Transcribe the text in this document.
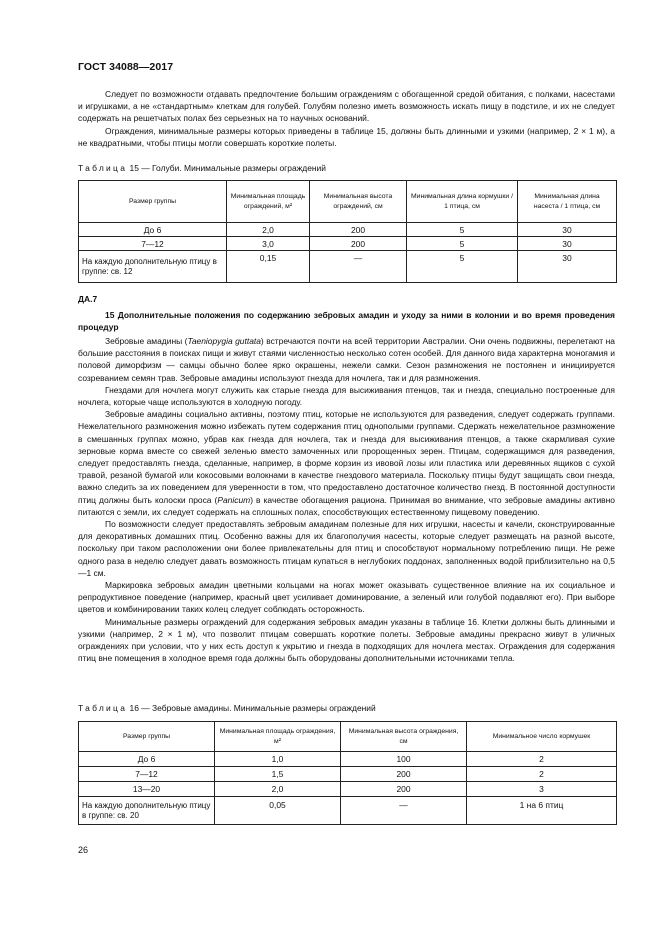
ГОСТ 34088—2017
Следует по возможности отдавать предпочтение большим ограждениям с обогащенной средой обитания, с полками, насестами и игрушками, а не «стандартным» клеткам для голубей. Голубям полезно иметь возможность искать пищу в подстиле, и их не следует содержать на решетчатых полах без серьезных на то научных оснований.
Ограждения, минимальные размеры которых приведены в таблице 15, должны быть длинными и узкими (например, 2 × 1 м), а не квадратными, чтобы птицы могли совершать короткие полеты.
Таблица 15 — Голуби. Минимальные размеры ограждений
Размер группы	Минимальная площадь ограждений, м²	Минимальная высота ограждений, см	Минимальная длина кормушки / 1 птица, см	Минимальная длина насеста / 1 птица, см
До 6	2,0	200	5	30
7—12	3,0	200	5	30
На каждую дополнительную птицу в группе: св. 12	0,15	—	5	30
ДА.7
15 Дополнительные положения по содержанию зебровых амадин и уходу за ними в колонии и во время проведения процедур
Зебровые амадины (Taeniopygia guttata) встречаются почти на всей территории Австралии. Они очень подвижны, перелетают на большие расстояния в поисках пищи и живут стаями численностью несколько сотен особей. Для данного вида характерна моногамия и половой диморфизм — самцы обычно более ярко окрашены, нежели самки. Сезон размножения не постоянен и инициируется созреванием семян трав. Зебровые амадины используют гнезда для ночлега, так и для размножения.
Гнездами для ночлега могут служить как старые гнезда для высиживания птенцов, так и гнезда, специально построенные для ночлега, которые чаще используются в холодную погоду.
Зебровые амадины социально активны, поэтому птиц, которые не используются для разведения, следует содержать группами. Нежелательного размножения можно избежать путем содержания птиц однополыми группами. Сдержать нежелательное размножение в смешанных группах можно, убрав как гнезда для ночлега, так и гнезда для высиживания птенцов, а также скармливая сухие зерновые корма вместе со свежей зеленью вместо замоченных или пророщенных зерен. Птицам, содержащимся для разведения, следует предоставлять гнезда, сделанные, например, в форме корзин из ивовой лозы или пластика или деревянных ящиков с сухой травой, резаной бумагой или кокосовыми волокнами в качестве гнездового материала. Поскольку птицы будут защищать свои гнезда, важно следить за их поведением для уверенности в том, что предоставлено достаточное количество гнезд. В постоянной доступности птиц должны быть колоски проса (Panicum) в качестве обогащения рациона. Принимая во внимание, что зебровые амадины активно питаются с земли, их следует содержать на сплошных полах, способствующих естественному пищевому поведению.
По возможности следует предоставлять зебровым амадинам полезные для них игрушки, насесты и качели, сконструированные для декоративных домашних птиц. Особенно важны для их благополучия насесты, которые следует размещать на разной высоте, поскольку при таком расположении они более привлекательны для птиц и способствуют нормальному потреблению пищи. Не реже одного раза в неделю следует давать возможность птицам купаться в неглубоких поддонах, заполненных водой приблизительно на 0,5—1 см.
Маркировка зебровых амадин цветными кольцами на ногах может оказывать существенное влияние на их социальное и репродуктивное поведение (например, красный цвет усиливает доминирование, а зеленый или голубой подавляют его). При выборе цветов и комбинировании таких колец следует соблюдать осторожность.
Минимальные размеры ограждений для содержания зебровых амадин указаны в таблице 16. Клетки должны быть длинными и узкими (например, 2 × 1 м), что позволит птицам совершать короткие полеты. Зебровые амадины прекрасно живут в уличных ограждениях при условии, что у них есть доступ к укрытию и гнезда в подходящих для ночлега местах. Ограждения для содержания птиц вне помещения в холодное время года должны быть оборудованы дополнительными источниками тепла.
Таблица 16 — Зебровые амадины. Минимальные размеры ограждений
Размер группы	Минимальная площадь ограждения, м²	Минимальная высота ограждения, см	Минимальное число кормушек
До 6	1,0	100	2
7—12	1,5	200	2
13—20	2,0	200	3
На каждую дополнительную птицу в группе: св. 20	0,05	—	1 на 6 птиц
26
